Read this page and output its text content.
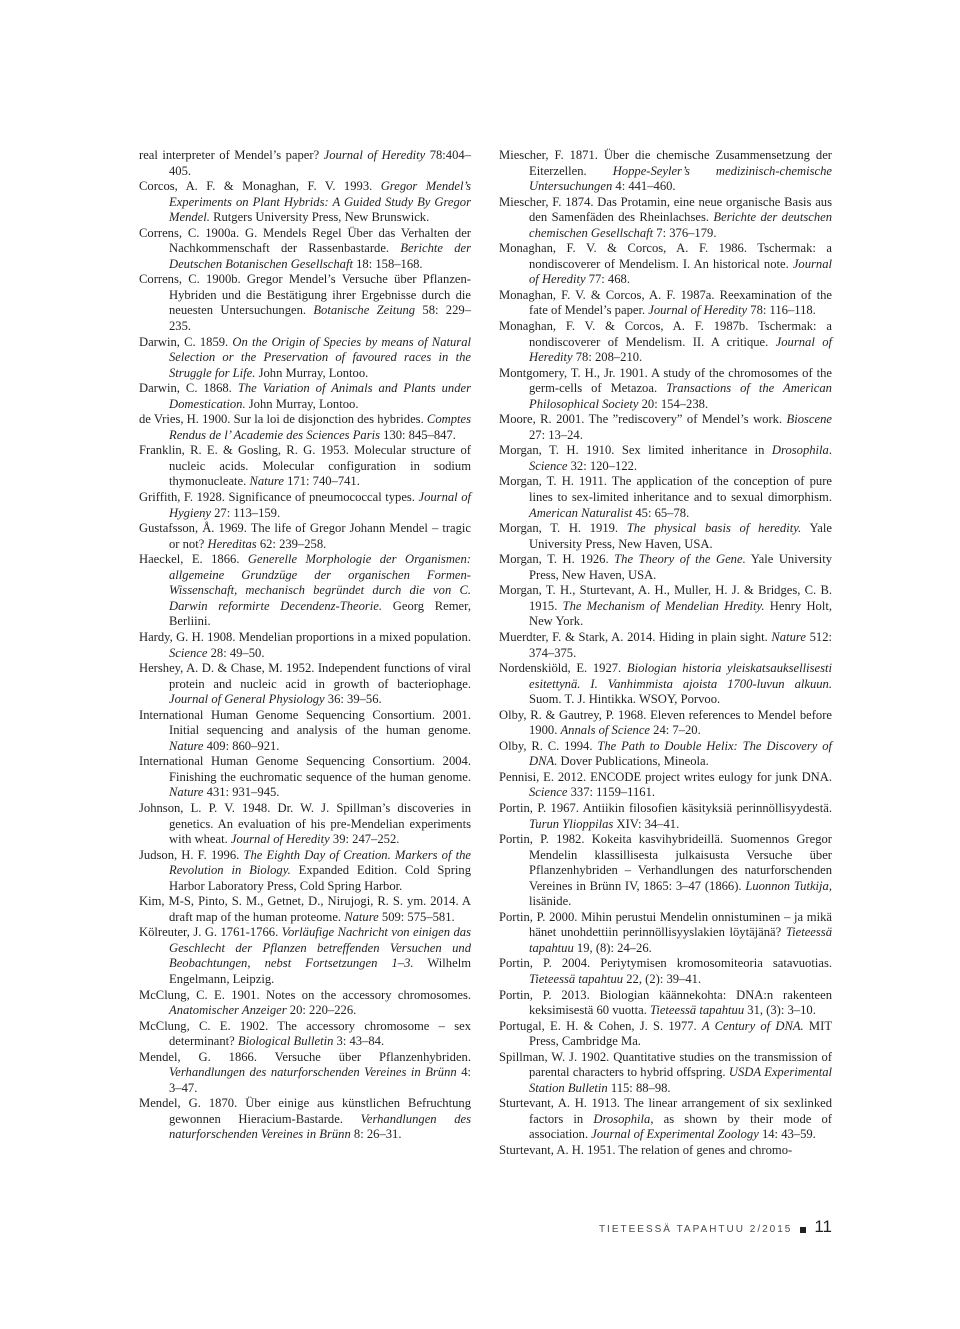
real interpreter of Mendel’s paper? Journal of Heredity 78:404–405.
Corcos, A. F. & Monaghan, F. V. 1993. Gregor Mendel’s Experiments on Plant Hybrids: A Guided Study By Gregor Mendel. Rutgers University Press, New Brunswick.
Correns, C. 1900a. G. Mendels Regel Über das Verhalten der Nachkommenschaft der Rassenbastarde. Berichte der Deutschen Botanischen Gesellschaft 18: 158–168.
Correns, C. 1900b. Gregor Mendel’s Versuche über Pflanzen-Hybriden und die Bestätigung ihrer Ergebnisse durch die neuesten Untersuchungen. Botanische Zeitung 58: 229–235.
Darwin, C. 1859. On the Origin of Species by means of Natural Selection or the Preservation of favoured races in the Struggle for Life. John Murray, Lontoo.
Darwin, C. 1868. The Variation of Animals and Plants under Domestication. John Murray, Lontoo.
de Vries, H. 1900. Sur la loi de disjonction des hybrides. Comptes Rendus de l’ Academie des Sciences Paris 130: 845–847.
Franklin, R. E. & Gosling, R. G. 1953. Molecular structure of nucleic acids. Molecular configuration in sodium thymonucleate. Nature 171: 740–741.
Griffith, F. 1928. Significance of pneumococcal types. Journal of Hygieny 27: 113–159.
Gustafsson, Å. 1969. The life of Gregor Johann Mendel – tragic or not? Hereditas 62: 239–258.
Haeckel, E. 1866. Generelle Morphologie der Organismen: allgemeine Grundzüge der organischen Formen-Wissenschaft, mechanisch begründet durch die von C. Darwin reformirte Decendenz-Theorie. Georg Remer, Berliini.
Hardy, G. H. 1908. Mendelian proportions in a mixed population. Science 28: 49–50.
Hershey, A. D. & Chase, M. 1952. Independent functions of viral protein and nucleic acid in growth of bacteriophage. Journal of General Physiology 36: 39–56.
International Human Genome Sequencing Consortium. 2001. Initial sequencing and analysis of the human genome. Nature 409: 860–921.
International Human Genome Sequencing Consortium. 2004. Finishing the euchromatic sequence of the human genome. Nature 431: 931–945.
Johnson, L. P. V. 1948. Dr. W. J. Spillman’s discoveries in genetics. An evaluation of his pre-Mendelian experiments with wheat. Journal of Heredity 39: 247–252.
Judson, H. F. 1996. The Eighth Day of Creation. Markers of the Revolution in Biology. Expanded Edition. Cold Spring Harbor Laboratory Press, Cold Spring Harbor.
Kim, M-S, Pinto, S. M., Getnet, D., Nirujogi, R. S. ym. 2014. A draft map of the human proteome. Nature 509: 575–581.
Kölreuter, J. G. 1761-1766. Vorläufige Nachricht von einigen das Geschlecht der Pflanzen betreffenden Versuchen und Beobachtungen, nebst Fortsetzungen 1–3. Wilhelm Engelmann, Leipzig.
McClung, C. E. 1901. Notes on the accessory chromosomes. Anatomischer Anzeiger 20: 220–226.
McClung, C. E. 1902. The accessory chromosome – sex determinant? Biological Bulletin 3: 43–84.
Mendel, G. 1866. Versuche über Pflanzenhybriden. Verhandlungen des naturforschenden Vereines in Brünn 4: 3–47.
Mendel, G. 1870. Über einige aus künstlichen Befruchtung gewonnen Hieracium-Bastarde. Verhandlungen des naturforschenden Vereines in Brünn 8: 26–31.
Miescher, F. 1871. Über die chemische Zusammensetzung der Eiterzellen. Hoppe-Seyler’s medizinisch-chemische Untersuchungen 4: 441–460.
Miescher, F. 1874. Das Protamin, eine neue organische Basis aus den Samenfäden des Rheinlachses. Berichte der deutschen chemischen Gesellschaft 7: 376–179.
Monaghan, F. V. & Corcos, A. F. 1986. Tschermak: a nondiscoverer of Mendelism. I. An historical note. Journal of Heredity 77: 468.
Monaghan, F. V. & Corcos, A. F. 1987a. Reexamination of the fate of Mendel’s paper. Journal of Heredity 78: 116–118.
Monaghan, F. V. & Corcos, A. F. 1987b. Tschermak: a nondiscoverer of Mendelism. II. A critique. Journal of Heredity 78: 208–210.
Montgomery, T. H., Jr. 1901. A study of the chromosomes of the germ-cells of Metazoa. Transactions of the American Philosophical Society 20: 154–238.
Moore, R. 2001. The ”rediscovery” of Mendel’s work. Bioscene 27: 13–24.
Morgan, T. H. 1910. Sex limited inheritance in Drosophila. Science 32: 120–122.
Morgan, T. H. 1911. The application of the conception of pure lines to sex-limited inheritance and to sexual dimorphism. American Naturalist 45: 65–78.
Morgan, T. H. 1919. The physical basis of heredity. Yale University Press, New Haven, USA.
Morgan, T. H. 1926. The Theory of the Gene. Yale University Press, New Haven, USA.
Morgan, T. H., Sturtevant, A. H., Muller, H. J. & Bridges, C. B. 1915. The Mechanism of Mendelian Hredity. Henry Holt, New York.
Muerdter, F. & Stark, A. 2014. Hiding in plain sight. Nature 512: 374–375.
Nordenskiöld, E. 1927. Biologian historia yleiskatsauksellisesti esitettynä. I. Vanhimmista ajoista 1700-luvun alkuun. Suom. T. J. Hintikka. WSOY, Porvoo.
Olby, R. & Gautrey, P. 1968. Eleven references to Mendel before 1900. Annals of Science 24: 7–20.
Olby, R. C. 1994. The Path to Double Helix: The Discovery of DNA. Dover Publications, Mineola.
Pennisi, E. 2012. ENCODE project writes eulogy for junk DNA. Science 337: 1159–1161.
Portin, P. 1967. Antiikin filosofien käsityksiä perinnöllisyydestä. Turun Ylioppilas XIV: 34–41.
Portin, P. 1982. Kokeita kasvihybrideillä. Suomennos Gregor Mendelin klassillisesta julkaisusta Versuche über Pflanzenhybriden – Verhandlungen des naturforschenden Vereines in Brünn IV, 1865: 3–47 (1866). Luonnon Tutkija, lisänide.
Portin, P. 2000. Mihin perustui Mendelin onnistuminen – ja mikä hänet unohdettiin perinnöllisyyslakien löytäjänä? Tieteessä tapahtuu 19, (8): 24–26.
Portin, P. 2004. Periytymisen kromosomiteoria satavuotias. Tieteessä tapahtuu 22, (2): 39–41.
Portin, P. 2013. Biologian käännekohta: DNA:n rakenteen keksimisestä 60 vuotta. Tieteessä tapahtuu 31, (3): 3–10.
Portugal, E. H. & Cohen, J. S. 1977. A Century of DNA. MIT Press, Cambridge Ma.
Spillman, W. J. 1902. Quantitative studies on the transmission of parental characters to hybrid offspring. USDA Experimental Station Bulletin 115: 88–98.
Sturtevant, A. H. 1913. The linear arrangement of six sexlinked factors in Drosophila, as shown by their mode of association. Journal of Experimental Zoology 14: 43–59.
Sturtevant, A. H. 1951. The relation of genes and chromo-
TIETEESSÄ TAPAHTUU 2/2015 11
